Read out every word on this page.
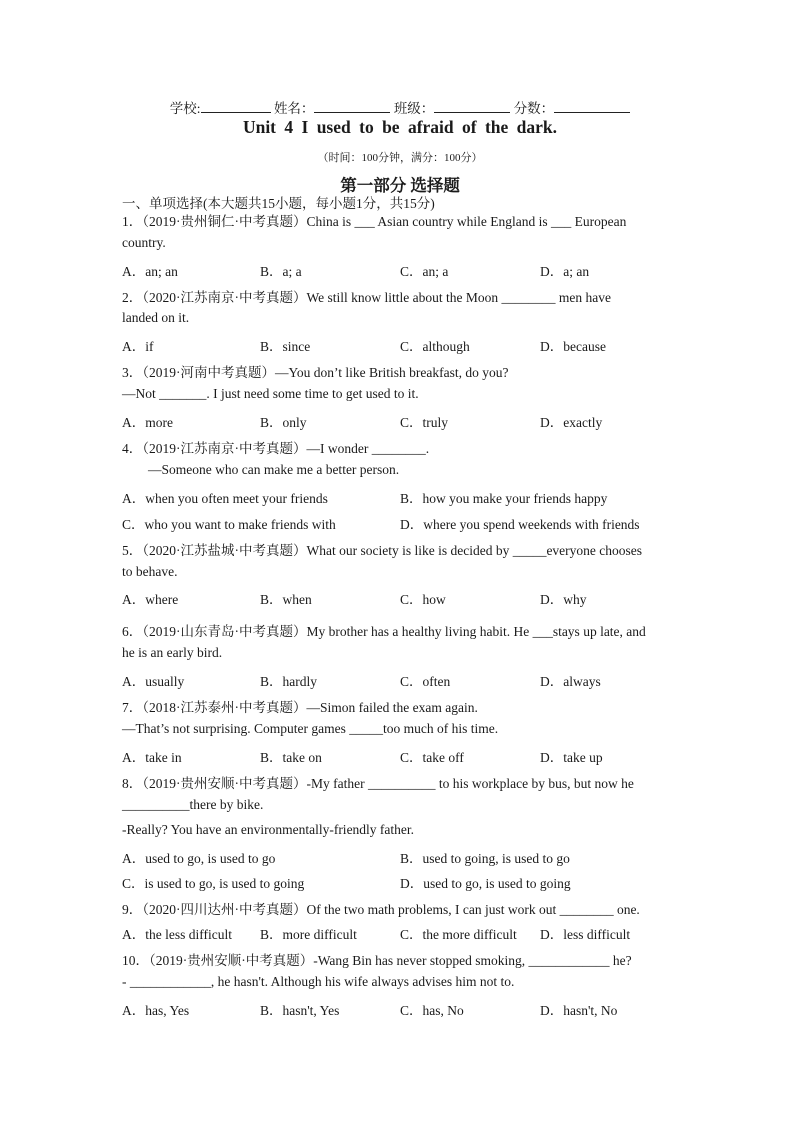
学校:	姓名：	班级：	分数：
Unit 4 I used to be afraid of the dark.
（时间：100分钟，满分：100分）
第一部分 选择题
一、单项选择(本大题共15小题，每小题1分，共15分)
1．（2019·贵州铜仁·中考真题）China is ___ Asian country while England is ___ European
country.
A．an; an	B．a; a	C．an; a	D．a; an
2．（2020·江苏南京·中考真题）We still know little about the Moon ________ men have
landed on it.
A．if	B．since	C．although	D．because
3．（2019·河南中考真题）—You don’t like British breakfast, do you?
—Not _______. I just need some time to get used to it.
A．more	B．only	C．truly	D．exactly
4．（2019·江苏南京·中考真题）—I wonder ________.
—Someone who can make me a better person.
A．when you often meet your friends	B．how you make your friends happy
C．who you want to make friends with	D．where you spend weekends with friends
5．（2020·江苏盐城·中考真题）What our society is like is decided by _____everyone chooses
to behave.
A．where	B．when	C．how	D．why
6．（2019·山东青岛·中考真题）My brother has a healthy living habit. He ___stays up late, and
he is an early bird.
A．usually	B．hardly	C．often	D．always
7．（2018·江苏泰州·中考真题）—Simon failed the exam again.
—That’s not surprising. Computer games _____too much of his time.
A．take in	B．take on	C．take off	D．take up
8．（2019·贵州安顺·中考真题）-My father __________ to his workplace by bus, but now he
__________there by bike.
-Really? You have an environmentally-friendly father.
A．used to go, is used to go	B．used to going, is used to go
C．is used to go, is used to going	D．used to go, is used to going
9．（2020·四川达州·中考真题）Of the two math problems, I can just work out ________ one.
A．the less difficult B．more difficult	C．the more difficult D．less difficult
10．（2019·贵州安顺·中考真题）-Wang Bin has never stopped smoking, ____________ he?
- ____________, he hasn't. Although his wife always advises him not to.
A．has, Yes	B．hasn't, Yes	C．has, No	D．hasn't, No
